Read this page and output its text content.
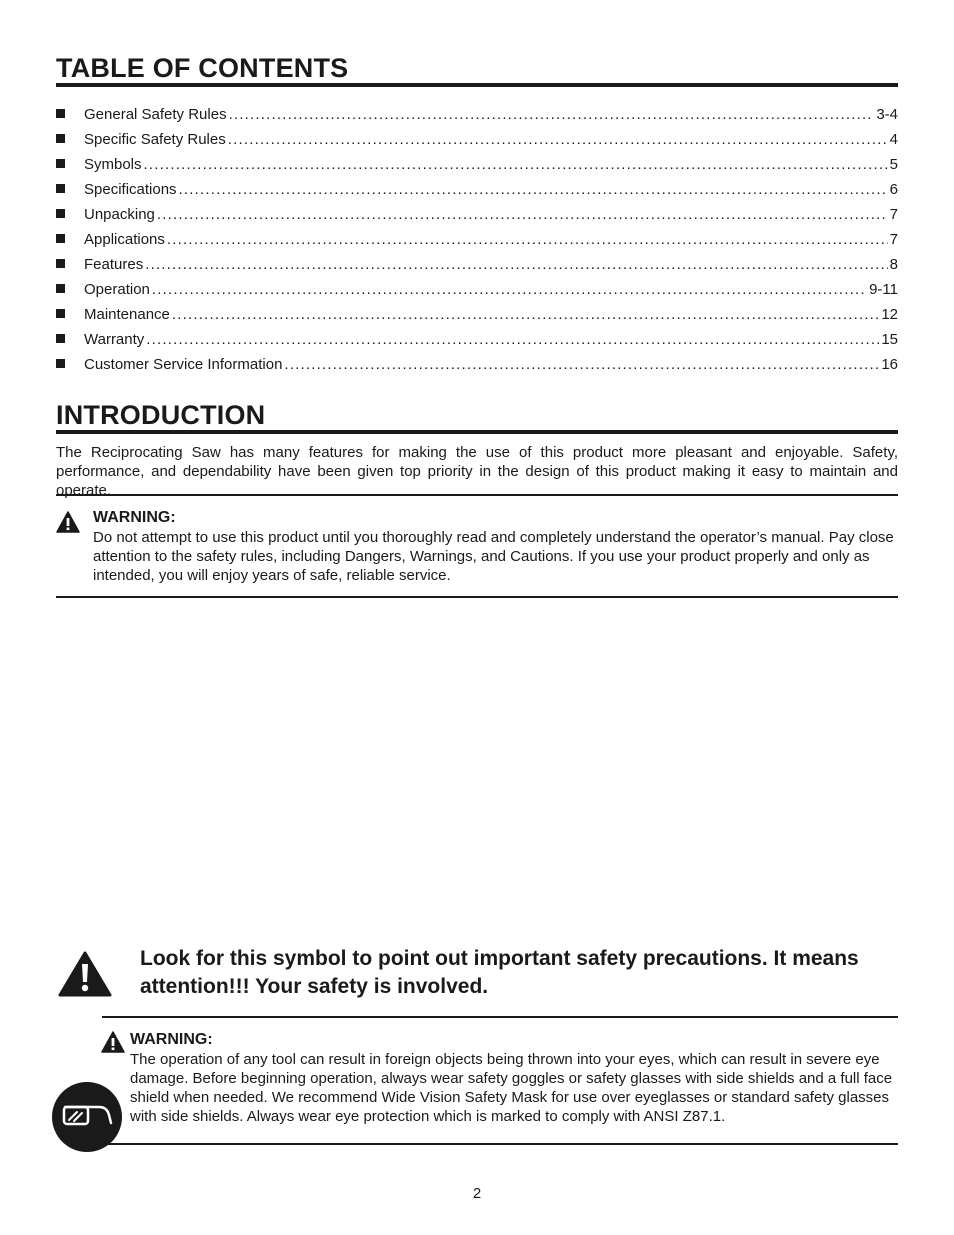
TABLE OF CONTENTS
General Safety Rules .....	3-4
Specific Safety Rules .....	4
Symbols .....	5
Specifications .....	6
Unpacking .....	7
Applications .....	7
Features .....	8
Operation .....	9-11
Maintenance .....	12
Warranty .....	15
Customer Service Information .....	16
INTRODUCTION
The Reciprocating Saw has many features for making the use of this product more pleasant and enjoyable. Safety, performance, and dependability have been given top priority in the design of this product making it easy to maintain and operate.
WARNING:
Do not attempt to use this product until you thoroughly read and completely understand the operator’s manual. Pay close attention to the safety rules, including Dangers, Warnings, and Cautions. If you use your product properly and only as intended, you will enjoy years of safe, reliable service.
Look for this symbol to point out important safety precautions. It means attention!!! Your safety is involved.
WARNING:
The operation of any tool can result in foreign objects being thrown into your eyes, which can result in severe eye damage. Before beginning operation, always wear safety goggles or safety glasses with side shields and a full face shield when needed. We recommend Wide Vision Safety Mask for use over eyeglasses or standard safety glasses with side shields. Always wear eye protection which is marked to comply with ANSI Z87.1.
2
